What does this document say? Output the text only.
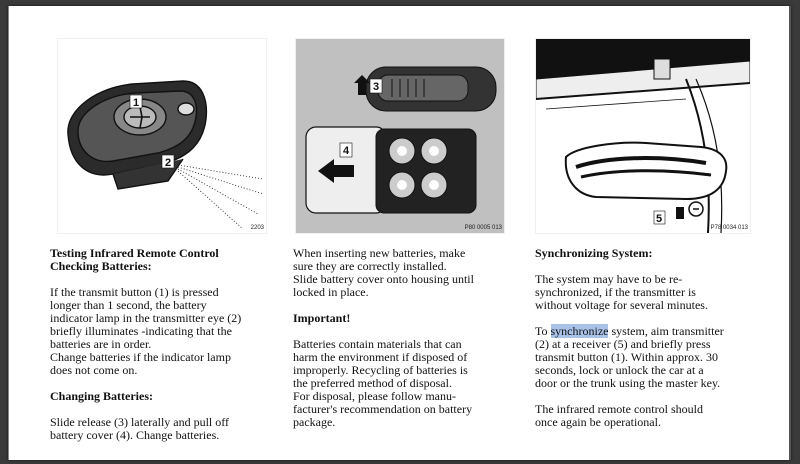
1
2
2203
3
4
P80 0005 013
5
P78 0034 013

Testing Infrared Remote Control

Checking Batteries:

If the transmit button (1) is pressed

longer than 1 second, the battery

indicator lamp in the transmitter eye (2)

briefly illuminates -indicating that the

batteries are in order.

Change batteries if the indicator lamp

does not come on.

Changing Batteries:

Slide release (3) laterally and pull off

battery cover (4). Change batteries.

When inserting new batteries, make

sure they are correctly installed.

Slide battery cover onto housing until

locked in place.

Important!

Batteries contain materials that can

harm the environment if disposed of

improperly. Recycling of batteries is

the preferred method of disposal.

For disposal, please follow manu-

facturer's recommendation on battery

package.

Synchronizing System:

The system may have to be re-

synchronized, if the transmitter is

without voltage for several minutes.

To synchronize system, aim transmitter

(2) at a receiver (5) and briefly press

transmit button (1). Within approx. 30

seconds, lock or unlock the car at a

door or the trunk using the master key.

The infrared remote control should

once again be operational.
